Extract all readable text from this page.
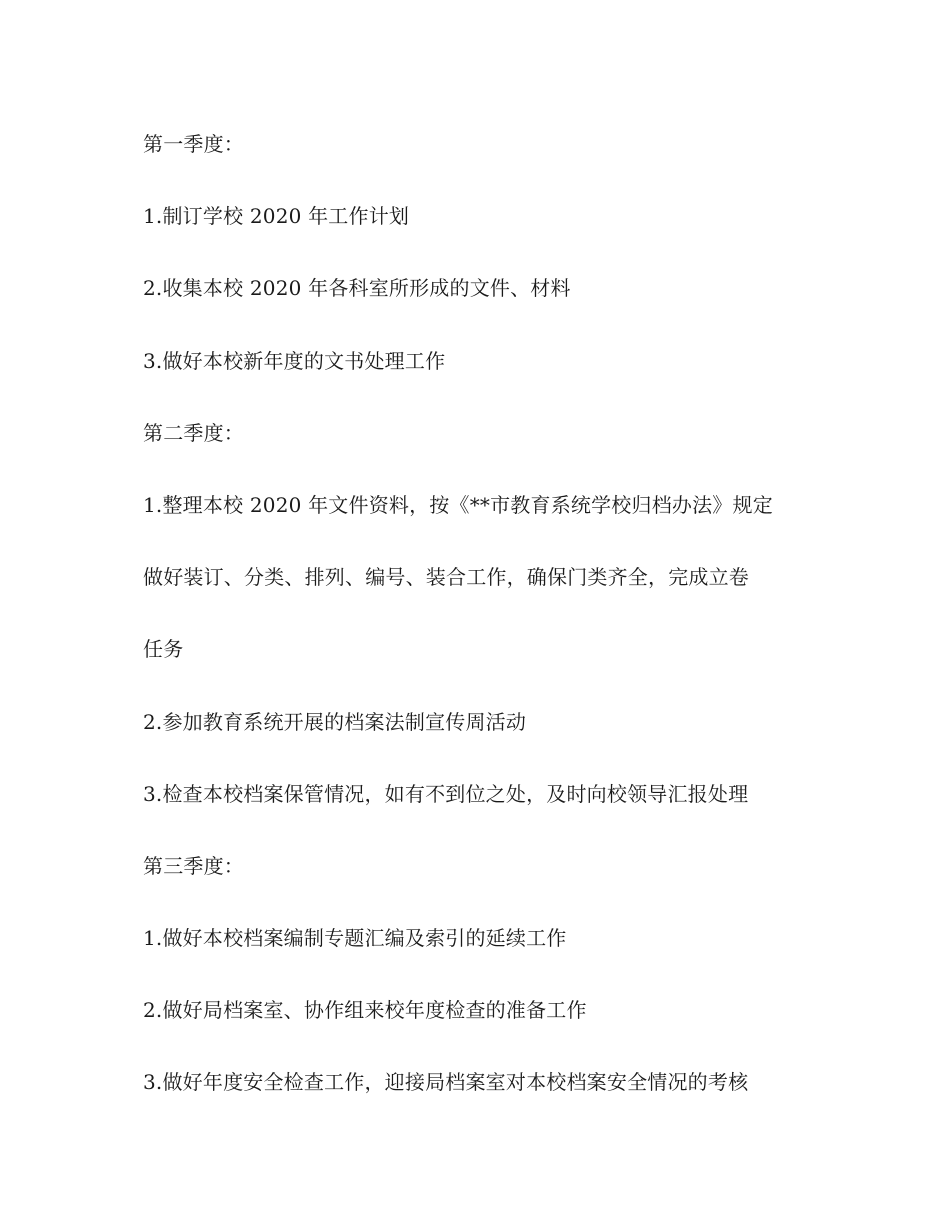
第一季度：

1.制订学校 2020 年工作计划

2.收集本校 2020 年各科室所形成的文件、材料

3.做好本校新年度的文书处理工作

第二季度：

1.整理本校 2020 年文件资料，按《**市教育系统学校归档办法》规定

做好装订、分类、排列、编号、装合工作，确保门类齐全，完成立卷

任务

2.参加教育系统开展的档案法制宣传周活动

3.检查本校档案保管情况，如有不到位之处，及时向校领导汇报处理

第三季度：

1.做好本校档案编制专题汇编及索引的延续工作

2.做好局档案室、协作组来校年度检查的准备工作

3.做好年度安全检查工作，迎接局档案室对本校档案安全情况的考核
